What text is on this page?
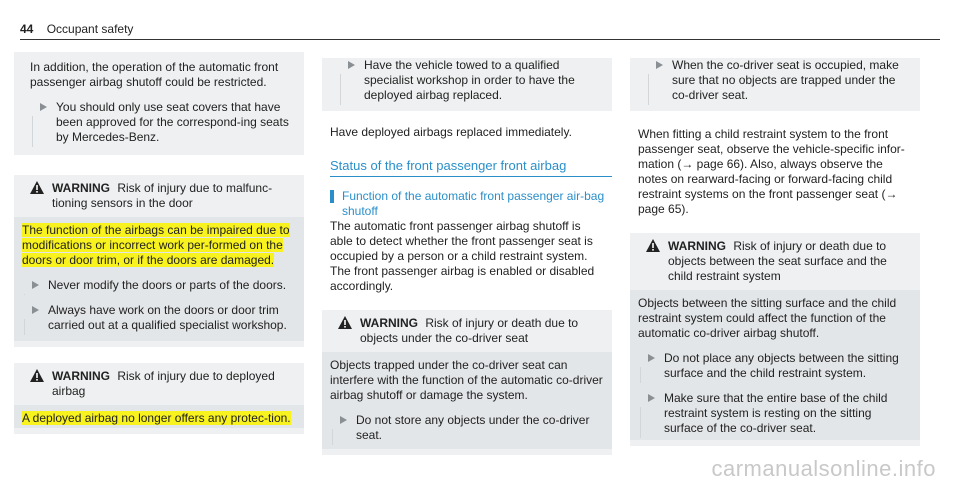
44 Occupant safety

In addition, the operation of the automatic front passenger airbag shutoff could be restricted.

You should only use seat covers that have been approved for the correspond-ing seats by Mercedes-Benz.
WARNING Risk of injury due to malfunc-tioning sensors in the door
The function of the airbags can be impaired due to modifications or incorrect work per-formed on the doors or door trim, or if the doors are damaged.
Never modify the doors or parts of the doors.
Always have work on the doors or door trim carried out at a qualified specialist workshop.
WARNING Risk of injury due to deployed airbag
A deployed airbag no longer offers any protec-tion.
Have the vehicle towed to a qualified specialist workshop in order to have the deployed airbag replaced.

Have deployed airbags replaced immediately.

Status of the front passenger front airbag
Function of the automatic front passenger air-bag shutoff

The automatic front passenger airbag shutoff is able to detect whether the front passenger seat is occupied by a person or a child restraint system. The front passenger airbag is enabled or disabled accordingly.

WARNING Risk of injury or death due to objects under the co-driver seat

Objects trapped under the co-driver seat can interfere with the function of the automatic co-driver airbag shutoff or damage the system.

Do not store any objects under the co-driver seat.
When the co-driver seat is occupied, make sure that no objects are trapped under the co-driver seat.

When fitting a child restraint system to the front passenger seat, observe the vehicle-specific infor-mation (→ page 66). Also, always observe the notes on rearward-facing or forward-facing child restraint systems on the front passenger seat (→ page 65).

WARNING Risk of injury or death due to objects between the seat surface and the child restraint system

Objects between the sitting surface and the child restraint system could affect the function of the automatic co-driver airbag shutoff.

Do not place any objects between the sitting surface and the child restraint system.
Make sure that the entire base of the child restraint system is resting on the sitting surface of the co-driver seat.
carmanualsonline.info
